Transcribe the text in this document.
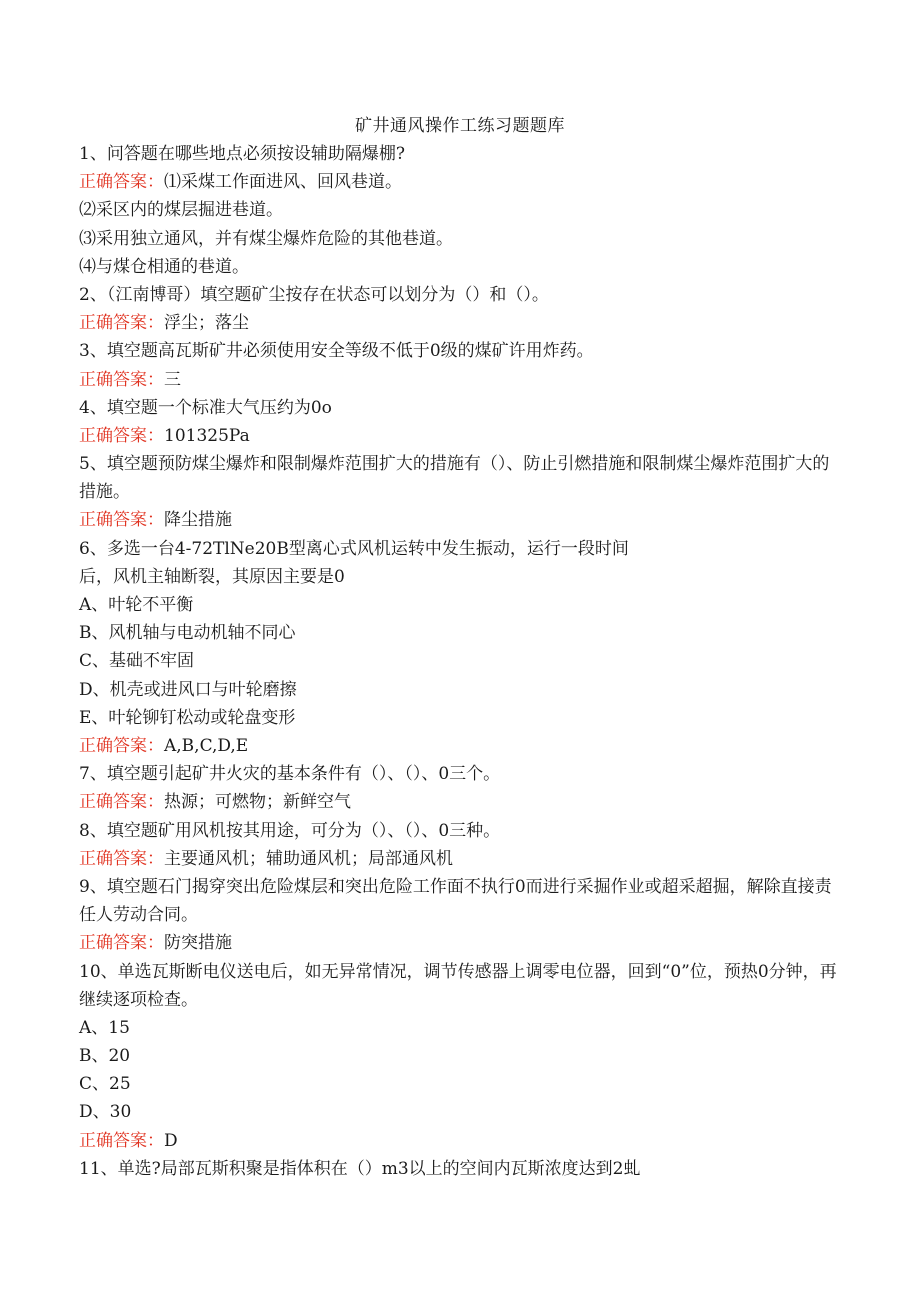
矿井通风操作工练习题题库
1、问答题在哪些地点必须按设辅助隔爆棚?
正确答案：⑴采煤工作面进风、回风巷道。
⑵采区内的煤层掘进巷道。
⑶采用独立通风，并有煤尘爆炸危险的其他巷道。
⑷与煤仓相通的巷道。
2、（江南博哥）填空题矿尘按存在状态可以划分为（）和（）。
正确答案：浮尘；落尘
3、填空题高瓦斯矿井必须使用安全等级不低于0级的煤矿许用炸药。
正确答案：三
4、填空题一个标准大气压约为0o
正确答案：101325Pa
5、填空题预防煤尘爆炸和限制爆炸范围扩大的措施有（）、防止引燃措施和限制煤尘爆炸范围扩大的措施。
正确答案：降尘措施
6、多选一台4-72TlNe20B型离心式风机运转中发生振动，运行一段时间
后，风机主轴断裂，其原因主要是0
A、叶轮不平衡
B、风机轴与电动机轴不同心
C、基础不牢固
D、机壳或进风口与叶轮磨擦
E、叶轮铆钉松动或轮盘变形
正确答案：A,B,C,D,E
7、填空题引起矿井火灾的基本条件有（）、（）、0三个。
正确答案：热源；可燃物；新鲜空气
8、填空题矿用风机按其用途，可分为（）、（）、0三种。
正确答案：主要通风机；辅助通风机；局部通风机
9、填空题石门揭穿突出危险煤层和突出危险工作面不执行0而进行采掘作业或超采超掘，解除直接责任人劳动合同。
正确答案：防突措施
10、单选瓦斯断电仪送电后，如无异常情况，调节传感器上调零电位器，回到“0”位，预热0分钟，再继续逐项检查。
A、15
B、20
C、25
D、30
正确答案：D
11、单选?局部瓦斯积聚是指体积在（）m3以上的空间内瓦斯浓度达到2虬
